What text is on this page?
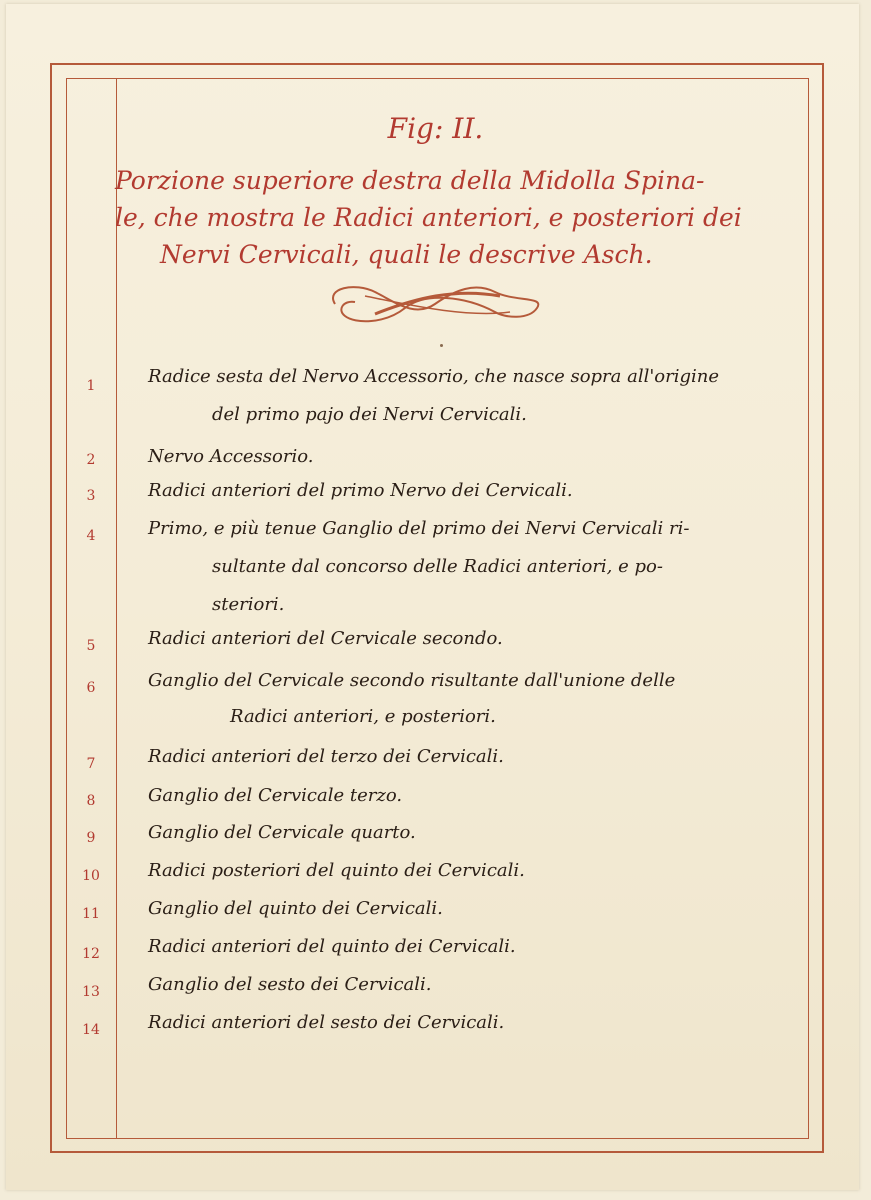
Fig: II.
Porzione superiore destra della Midolla Spina-
le, che mostra le Radici anteriori, e posteriori dei
Nervi Cervicali, quali le descrive Asch.
1	Radice sesta del Nervo Accessorio, che nasce sopra all'origine
del primo pajo dei Nervi Cervicali.
2	Nervo Accessorio.
3	Radici anteriori del primo Nervo dei Cervicali.
4	Primo, e più tenue Ganglio del primo dei Nervi Cervicali ri-
sultante dal concorso delle Radici anteriori, e po-
steriori.
5	Radici anteriori del Cervicale secondo.
6	Ganglio del Cervicale secondo risultante dall'unione delle
Radici anteriori, e posteriori.
7	Radici anteriori del terzo dei Cervicali.
8	Ganglio del Cervicale terzo.
9	Ganglio del Cervicale quarto.
10	Radici posteriori del quinto dei Cervicali.
11	Ganglio del quinto dei Cervicali.
12	Radici anteriori del quinto dei Cervicali.
13	Ganglio del sesto dei Cervicali.
14	Radici anteriori del sesto dei Cervicali.
